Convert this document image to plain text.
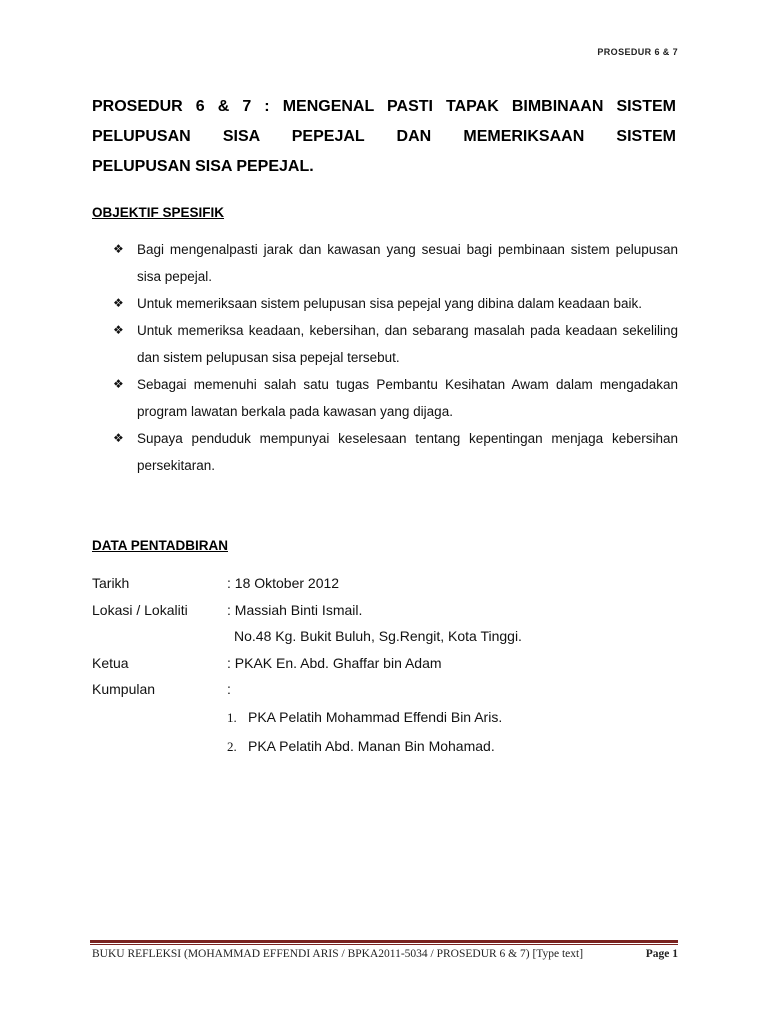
PROSEDUR 6 & 7
PROSEDUR 6 & 7 : MENGENAL PASTI TAPAK BIMBINAAN SISTEM
PELUPUSAN SISA PEPEJAL DAN MEMERIKSAAN SISTEM
PELUPUSAN SISA PEPEJAL.
OBJEKTIF SPESIFIK
❖ Bagi mengenalpasti jarak dan kawasan yang sesuai bagi pembinaan sistem pelupusan sisa pepejal.
❖ Untuk memeriksaan sistem pelupusan sisa pepejal yang dibina dalam keadaan baik.
❖ Untuk memeriksa keadaan, kebersihan, dan sebarang masalah pada keadaan sekeliling dan sistem pelupusan sisa pepejal tersebut.
❖ Sebagai memenuhi salah satu tugas Pembantu Kesihatan Awam dalam mengadakan program lawatan berkala pada kawasan yang dijaga.
❖ Supaya penduduk mempunyai keselesaan tentang kepentingan menjaga kebersihan persekitaran.
DATA PENTADBIRAN
Tarikh	: 18 Oktober 2012
Lokasi / Lokaliti	: Massiah Binti Ismail.
No.48 Kg. Bukit Buluh, Sg.Rengit, Kota Tinggi.
Ketua	: PKAK En. Abd. Ghaffar bin Adam
Kumpulan	:
1. PKA Pelatih Mohammad Effendi Bin Aris.
2. PKA Pelatih Abd. Manan Bin Mohamad.
BUKU REFLEKSI (MOHAMMAD EFFENDI ARIS / BPKA2011-5034 / PROSEDUR 6 & 7) [Type text]	Page 1
